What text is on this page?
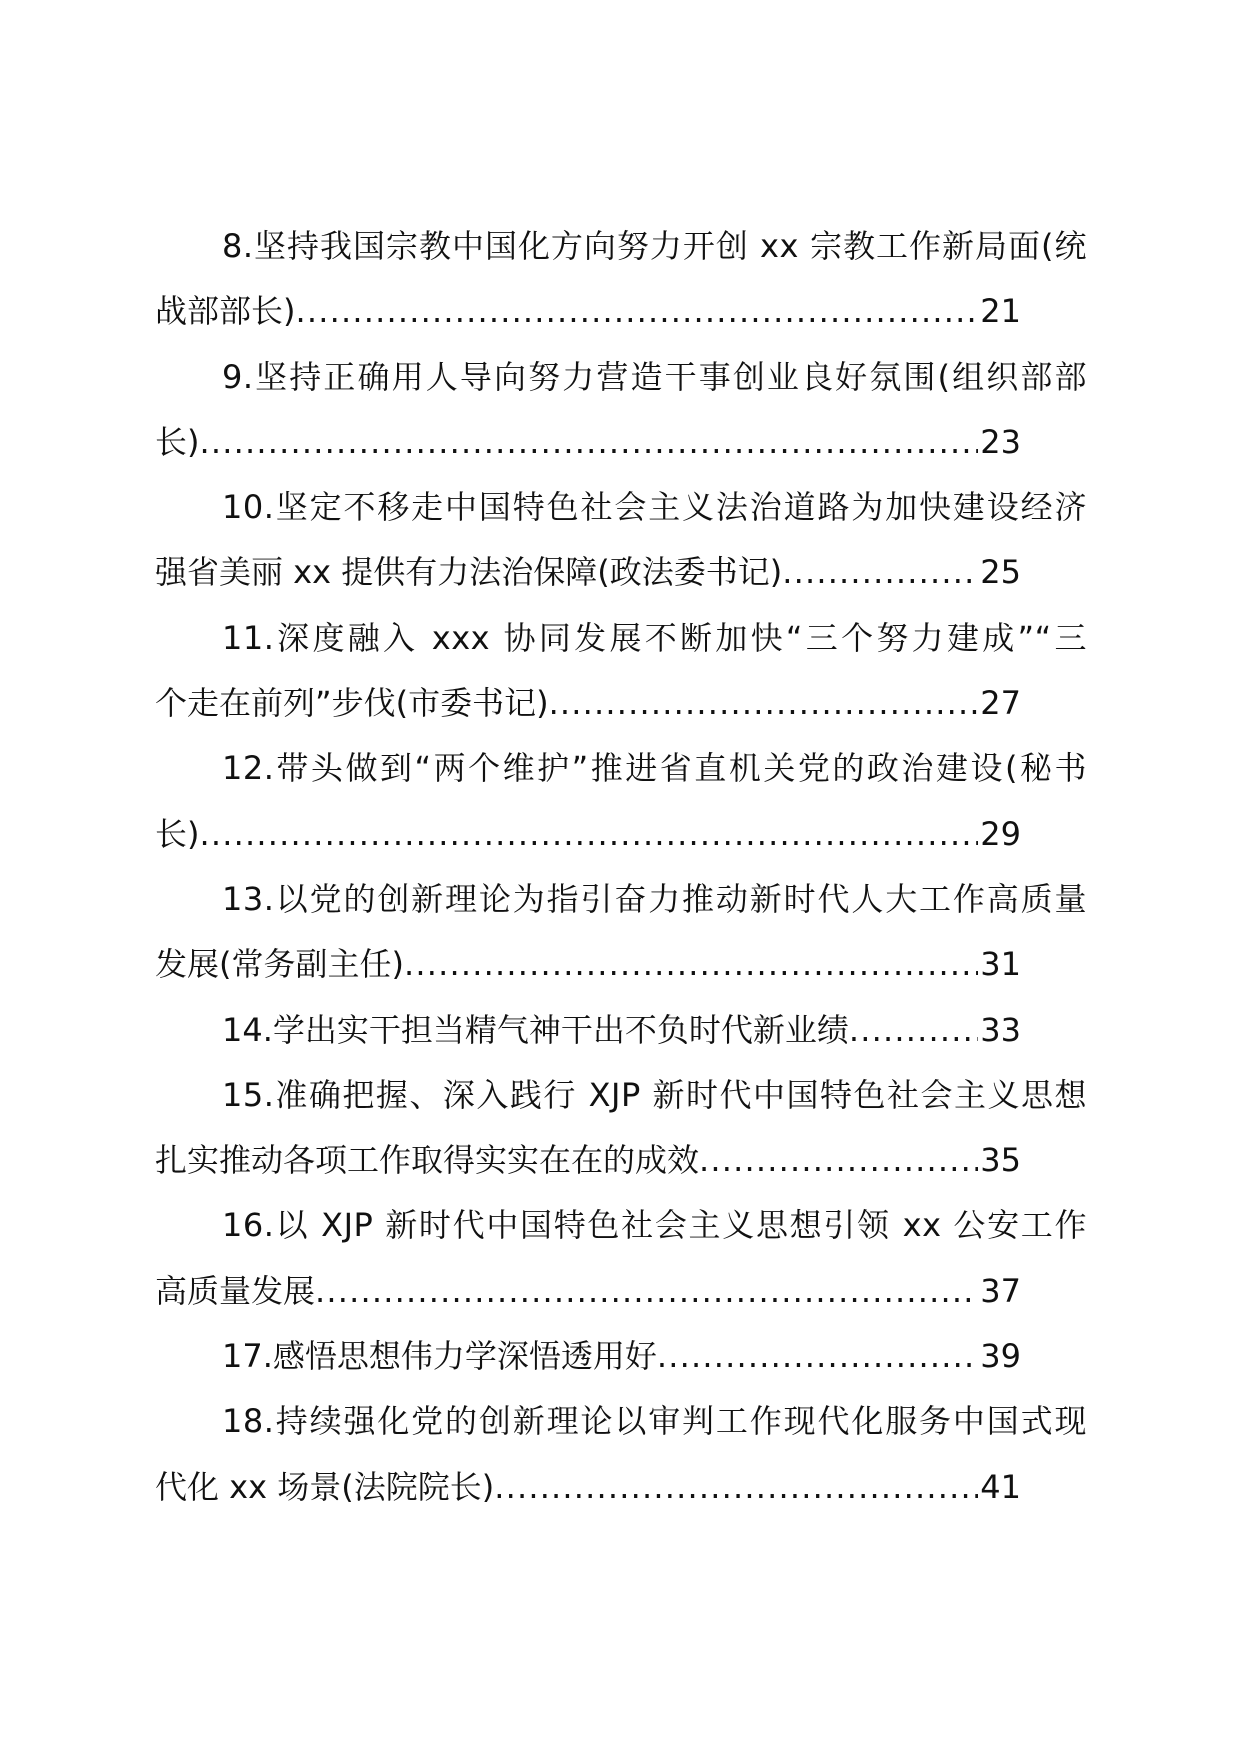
8.坚持我国宗教中国化方向努力开创 xx 宗教工作新局面(统
战部部长) .....	21
9.坚持正确用人导向努力营造干事创业良好氛围(组织部部
长) .....	23
10.坚定不移走中国特色社会主义法治道路为加快建设经济
强省美丽 xx 提供有力法治保障(政法委书记) .....	25
11.深度融入 xxx 协同发展不断加快“三个努力建成”“三
个走在前列”步伐(市委书记) .....	27
12.带头做到“两个维护”推进省直机关党的政治建设(秘书
长) .....	29
13.以党的创新理论为指引奋力推动新时代人大工作高质量
发展(常务副主任) .....	31
14.学出实干担当精气神干出不负时代新业绩 .....	33
15.准确把握、深入践行 XJP 新时代中国特色社会主义思想
扎实推动各项工作取得实实在在的成效 .....	35
16.以 XJP 新时代中国特色社会主义思想引领 xx 公安工作
高质量发展 .....	37
17.感悟思想伟力学深悟透用好 .....	39
18.持续强化党的创新理论以审判工作现代化服务中国式现
代化 xx 场景(法院院长) .....	41
